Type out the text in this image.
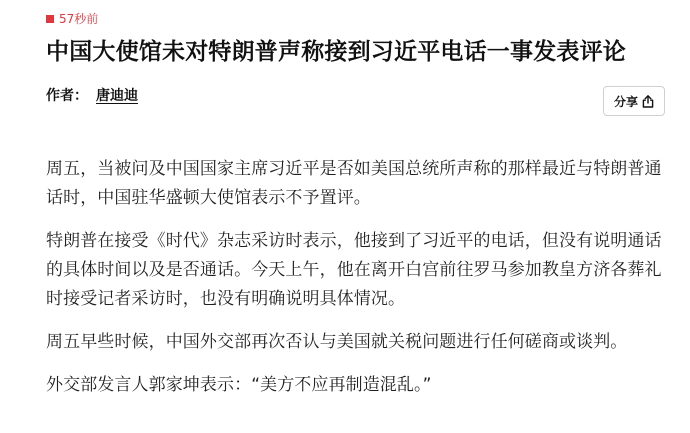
57秒前
中国大使馆未对特朗普声称接到习近平电话一事发表评论
作者： 唐迪迪	分享

周五，当被问及中国国家主席习近平是否如美国总统所声称的那样最近与特朗普通话时，中国驻华盛顿大使馆表示不予置评。

特朗普在接受《时代》杂志采访时表示，他接到了习近平的电话，但没有说明通话的具体时间以及是否通话。今天上午，他在离开白宫前往罗马参加教皇方济各葬礼时接受记者采访时，也没有明确说明具体情况。

周五早些时候，中国外交部再次否认与美国就关税问题进行任何磋商或谈判。

外交部发言人郭家坤表示：“美方不应再制造混乱。”
